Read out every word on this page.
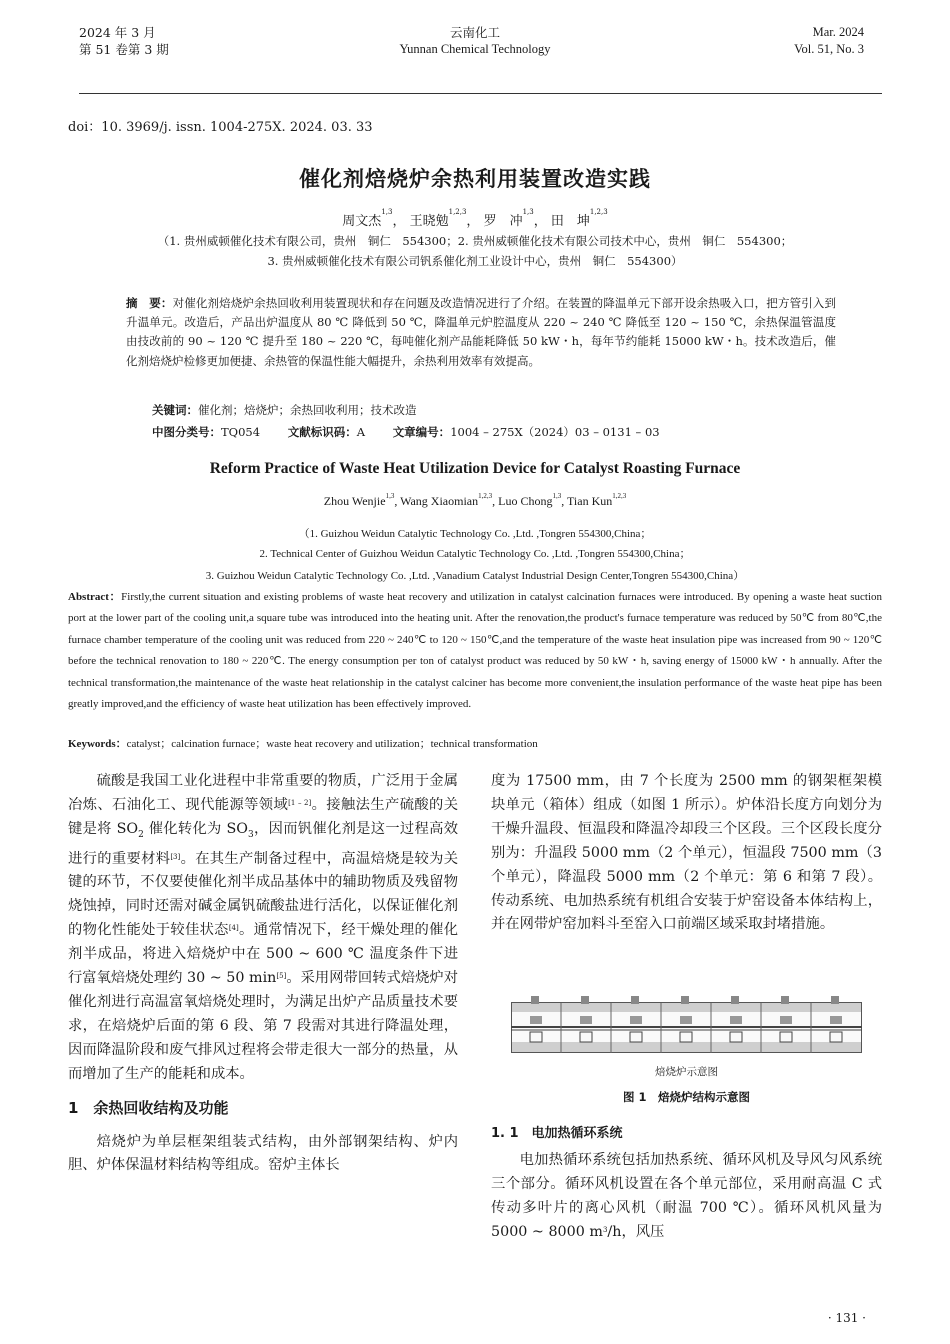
2024 年 3 月
第 51 卷第 3 期
云南化工
Yunnan Chemical Technology
Mar. 2024
Vol. 51, No. 3
doi：10. 3969/j. issn. 1004-275X. 2024. 03. 33
催化剂焙烧炉余热利用装置改造实践
周文杰$^{1,3}$， 王晓勉$^{1,2,3}$， 罗　冲$^{1,3}$， 田　坤$^{1,2,3}$
（1. 贵州威顿催化技术有限公司，贵州　铜仁　554300；2. 贵州威顿催化技术有限公司技术中心，贵州　铜仁　554300；
3. 贵州威顿催化技术有限公司钒系催化剂工业设计中心，贵州　铜仁　554300）
摘　要：对催化剂焙烧炉余热回收利用装置现状和存在问题及改造情况进行了介绍。在装置的降温单元下部开设余热吸入口，把方管引入到升温单元。改造后，产品出炉温度从 80 ℃ 降低到 50 ℃，降温单元炉腔温度从 220 ~ 240 ℃ 降低至 120 ~ 150 ℃，余热保温管温度由技改前的 90 ~ 120 ℃ 提升至 180 ~ 220 ℃，每吨催化剂产品能耗降低 50 kW・h，每年节约能耗 15000 kW・h。技术改造后，催化剂焙烧炉检修更加便捷、余热管的保温性能大幅提升，余热利用效率有效提高。
关键词：催化剂；焙烧炉；余热回收利用；技术改造
中图分类号：TQ054 文献标识码：A 文章编号：1004 – 275X（2024）03 – 0131 – 03
Reform Practice of Waste Heat Utilization Device for Catalyst Roasting Furnace
Zhou Wenjie$^{1,3}$, Wang Xiaomian$^{1,2,3}$, Luo Chong$^{1,3}$, Tian Kun$^{1,2,3}$
（1. Guizhou Weidun Catalytic Technology Co. ,Ltd. ,Tongren 554300,China；
2. Technical Center of Guizhou Weidun Catalytic Technology Co. ,Ltd. ,Tongren 554300,China；
3. Guizhou Weidun Catalytic Technology Co. ,Ltd. ,Vanadium Catalyst Industrial Design Center,Tongren 554300,China）
Abstract：Firstly,the current situation and existing problems of waste heat recovery and utilization in catalyst calcination furnaces were introduced. By opening a waste heat suction port at the lower part of the cooling unit,a square tube was introduced into the heating unit. After the renovation,the product's furnace temperature was reduced by 50℃ from 80℃,the furnace chamber temperature of the cooling unit was reduced from 220 ~ 240℃ to 120 ~ 150℃,and the temperature of the waste heat insulation pipe was increased from 90 ~ 120℃ before the technical renovation to 180 ~ 220℃. The energy consumption per ton of catalyst product was reduced by 50 kW・h, saving energy of 15000 kW・h annually. After the technical transformation,the maintenance of the waste heat relationship in the catalyst calciner has become more convenient,the insulation performance of the waste heat pipe has been greatly improved,and the efficiency of waste heat utilization has been effectively improved.
Keywords：catalyst；calcination furnace；waste heat recovery and utilization；technical transformation

硫酸是我国工业化进程中非常重要的物质，广泛用于金属冶炼、石油化工、现代能源等领域[1 – 2]。接触法生产硫酸的关键是将 $SO_2$ 催化转化为 $SO_3$，因而钒催化剂是这一过程高效进行的重要材料[3]。在其生产制备过程中，高温焙烧是较为关键的环节，不仅要使催化剂半成品基体中的辅助物质及残留物烧蚀掉，同时还需对碱金属钒硫酸盐进行活化，以保证催化剂的物化性能处于较佳状态[4]。通常情况下，经干燥处理的催化剂半成品，将进入焙烧炉中在 500 ~ 600 ℃ 温度条件下进行富氧焙烧处理约 30 ~ 50 min[5]。采用网带回转式焙烧炉对催化剂进行高温富氧焙烧处理时，为满足出炉产品质量技术要求，在焙烧炉后面的第 6 段、第 7 段需对其进行降温处理，因而降温阶段和废气排风过程将会带走很大一部分的热量，从而增加了生产的能耗和成本。

1　余热回收结构及功能

焙烧炉为单层框架组装式结构，由外部钢架结构、炉内胆、炉体保温材料结构等组成。窑炉主体长

度为 17500 mm，由 7 个长度为 2500 mm 的钢架框架模块单元（箱体）组成（如图 1 所示）。炉体沿长度方向划分为干燥升温段、恒温段和降温冷却段三个区段。三个区段长度分别为：升温段 5000 mm（2 个单元），恒温段 7500 mm（3 个单元），降温段 5000 mm（2 个单元：第 6 和第 7 段）。传动系统、电加热系统有机组合安装于炉窑设备本体结构上，并在网带炉窑加料斗至窑入口前端区域采取封堵措施。

焙烧炉示意图
图 1　焙烧炉结构示意图
1. 1　电加热循环系统

电加热循环系统包括加热系统、循环风机及导风匀风系统三个部分。循环风机设置在各个单元部位，采用耐高温 C 式传动多叶片的离心风机（耐温 700 ℃）。循环风机风量为 5000 ~ 8000 $m^3/h$，风压

· 131 ·
